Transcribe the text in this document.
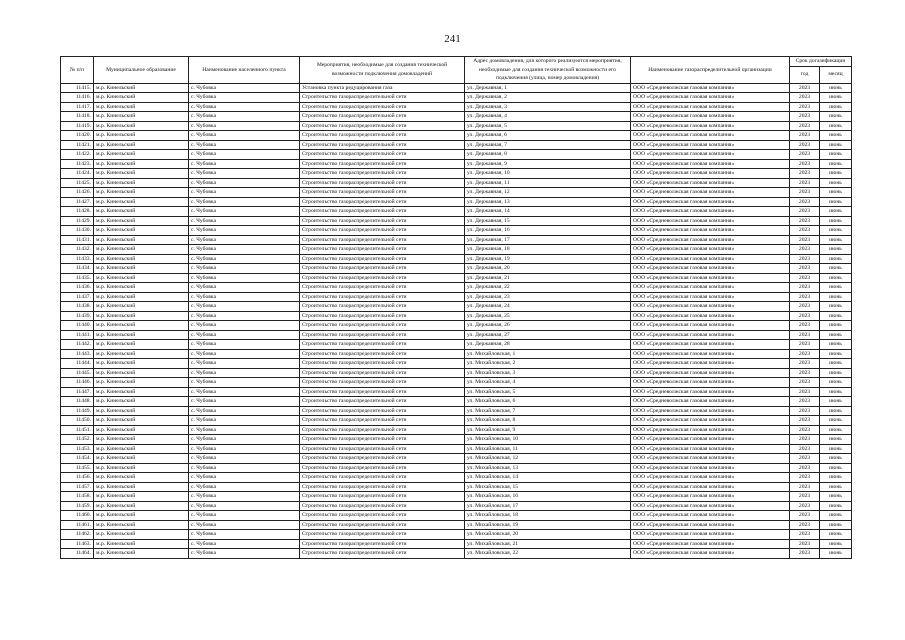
241
№ п/п	Муниципальное образование	Наименование населенного пункта	Мероприятия, необходимые для создания технической возможности подключения домовладений	Адрес домовладения, для которого реализуются мероприятия, необходимые для создания технической возможности его подключения (улица, номер домовладения)	Наименование газораспределительной организации	Срок догазификации	
						год	месяц
11415.	м.р. Кинельский	с. Чубовка	Установка пункта редуцирования газа	ул. Державная, 1	ООО «Средневолжская газовая компания»	2023	июнь
11416.	м.р. Кинельский	с. Чубовка	Строительство газораспределительной сети	ул. Державная, 2	ООО «Средневолжская газовая компания»	2023	июнь
11417.	м.р. Кинельский	с. Чубовка	Строительство газораспределительной сети	ул. Державная, 3	ООО «Средневолжская газовая компания»	2023	июнь
11418.	м.р. Кинельский	с. Чубовка	Строительство газораспределительной сети	ул. Державная, 4	ООО «Средневолжская газовая компания»	2023	июнь
11419.	м.р. Кинельский	с. Чубовка	Строительство газораспределительной сети	ул. Державная, 5	ООО «Средневолжская газовая компания»	2023	июнь
11420.	м.р. Кинельский	с. Чубовка	Строительство газораспределительной сети	ул. Державная, 6	ООО «Средневолжская газовая компания»	2023	июнь
11421.	м.р. Кинельский	с. Чубовка	Строительство газораспределительной сети	ул. Державная, 7	ООО «Средневолжская газовая компания»	2023	июнь
11422.	м.р. Кинельский	с. Чубовка	Строительство газораспределительной сети	ул. Державная, 8	ООО «Средневолжская газовая компания»	2023	июнь
11423.	м.р. Кинельский	с. Чубовка	Строительство газораспределительной сети	ул. Державная, 9	ООО «Средневолжская газовая компания»	2023	июнь
11424.	м.р. Кинельский	с. Чубовка	Строительство газораспределительной сети	ул. Державная, 10	ООО «Средневолжская газовая компания»	2023	июнь
11425.	м.р. Кинельский	с. Чубовка	Строительство газораспределительной сети	ул. Державная, 11	ООО «Средневолжская газовая компания»	2023	июнь
11426.	м.р. Кинельский	с. Чубовка	Строительство газораспределительной сети	ул. Державная, 12	ООО «Средневолжская газовая компания»	2023	июнь
11427.	м.р. Кинельский	с. Чубовка	Строительство газораспределительной сети	ул. Державная, 13	ООО «Средневолжская газовая компания»	2023	июнь
11428.	м.р. Кинельский	с. Чубовка	Строительство газораспределительной сети	ул. Державная, 14	ООО «Средневолжская газовая компания»	2023	июнь
11429.	м.р. Кинельский	с. Чубовка	Строительство газораспределительной сети	ул. Державная, 15	ООО «Средневолжская газовая компания»	2023	июнь
11430.	м.р. Кинельский	с. Чубовка	Строительство газораспределительной сети	ул. Державная, 16	ООО «Средневолжская газовая компания»	2023	июнь
11431.	м.р. Кинельский	с. Чубовка	Строительство газораспределительной сети	ул. Державная, 17	ООО «Средневолжская газовая компания»	2023	июнь
11432.	м.р. Кинельский	с. Чубовка	Строительство газораспределительной сети	ул. Державная, 18	ООО «Средневолжская газовая компания»	2023	июнь
11433.	м.р. Кинельский	с. Чубовка	Строительство газораспределительной сети	ул. Державная, 19	ООО «Средневолжская газовая компания»	2023	июнь
11434.	м.р. Кинельский	с. Чубовка	Строительство газораспределительной сети	ул. Державная, 20	ООО «Средневолжская газовая компания»	2023	июнь
11435.	м.р. Кинельский	с. Чубовка	Строительство газораспределительной сети	ул. Державная, 21	ООО «Средневолжская газовая компания»	2023	июнь
11436.	м.р. Кинельский	с. Чубовка	Строительство газораспределительной сети	ул. Державная, 22	ООО «Средневолжская газовая компания»	2023	июнь
11437.	м.р. Кинельский	с. Чубовка	Строительство газораспределительной сети	ул. Державная, 23	ООО «Средневолжская газовая компания»	2023	июнь
11438.	м.р. Кинельский	с. Чубовка	Строительство газораспределительной сети	ул. Державная, 24	ООО «Средневолжская газовая компания»	2023	июнь
11439.	м.р. Кинельский	с. Чубовка	Строительство газораспределительной сети	ул. Державная, 25	ООО «Средневолжская газовая компания»	2023	июнь
11440.	м.р. Кинельский	с. Чубовка	Строительство газораспределительной сети	ул. Державная, 26	ООО «Средневолжская газовая компания»	2023	июнь
11441.	м.р. Кинельский	с. Чубовка	Строительство газораспределительной сети	ул. Державная, 27	ООО «Средневолжская газовая компания»	2023	июнь
11442.	м.р. Кинельский	с. Чубовка	Строительство газораспределительной сети	ул. Державная, 28	ООО «Средневолжская газовая компания»	2023	июнь
11443.	м.р. Кинельский	с. Чубовка	Строительство газораспределительной сети	ул. Михайловская, 1	ООО «Средневолжская газовая компания»	2023	июнь
11444.	м.р. Кинельский	с. Чубовка	Строительство газораспределительной сети	ул. Михайловская, 2	ООО «Средневолжская газовая компания»	2023	июнь
11445.	м.р. Кинельский	с. Чубовка	Строительство газораспределительной сети	ул. Михайловская, 3	ООО «Средневолжская газовая компания»	2023	июнь
11446.	м.р. Кинельский	с. Чубовка	Строительство газораспределительной сети	ул. Михайловская, 4	ООО «Средневолжская газовая компания»	2023	июнь
11447.	м.р. Кинельский	с. Чубовка	Строительство газораспределительной сети	ул. Михайловская, 5	ООО «Средневолжская газовая компания»	2023	июнь
11448.	м.р. Кинельский	с. Чубовка	Строительство газораспределительной сети	ул. Михайловская, 6	ООО «Средневолжская газовая компания»	2023	июнь
11449.	м.р. Кинельский	с. Чубовка	Строительство газораспределительной сети	ул. Михайловская, 7	ООО «Средневолжская газовая компания»	2023	июнь
11450.	м.р. Кинельский	с. Чубовка	Строительство газораспределительной сети	ул. Михайловская, 8	ООО «Средневолжская газовая компания»	2023	июнь
11451.	м.р. Кинельский	с. Чубовка	Строительство газораспределительной сети	ул. Михайловская, 9	ООО «Средневолжская газовая компания»	2023	июнь
11452.	м.р. Кинельский	с. Чубовка	Строительство газораспределительной сети	ул. Михайловская, 10	ООО «Средневолжская газовая компания»	2023	июнь
11453.	м.р. Кинельский	с. Чубовка	Строительство газораспределительной сети	ул. Михайловская, 11	ООО «Средневолжская газовая компания»	2023	июнь
11454.	м.р. Кинельский	с. Чубовка	Строительство газораспределительной сети	ул. Михайловская, 12	ООО «Средневолжская газовая компания»	2023	июнь
11455.	м.р. Кинельский	с. Чубовка	Строительство газораспределительной сети	ул. Михайловская, 13	ООО «Средневолжская газовая компания»	2023	июнь
11456.	м.р. Кинельский	с. Чубовка	Строительство газораспределительной сети	ул. Михайловская, 14	ООО «Средневолжская газовая компания»	2023	июнь
11457.	м.р. Кинельский	с. Чубовка	Строительство газораспределительной сети	ул. Михайловская, 15	ООО «Средневолжская газовая компания»	2023	июнь
11458.	м.р. Кинельский	с. Чубовка	Строительство газораспределительной сети	ул. Михайловская, 16	ООО «Средневолжская газовая компания»	2023	июнь
11459.	м.р. Кинельский	с. Чубовка	Строительство газораспределительной сети	ул. Михайловская, 17	ООО «Средневолжская газовая компания»	2023	июнь
11460.	м.р. Кинельский	с. Чубовка	Строительство газораспределительной сети	ул. Михайловская, 18	ООО «Средневолжская газовая компания»	2023	июнь
11461.	м.р. Кинельский	с. Чубовка	Строительство газораспределительной сети	ул. Михайловская, 19	ООО «Средневолжская газовая компания»	2023	июнь
11462.	м.р. Кинельский	с. Чубовка	Строительство газораспределительной сети	ул. Михайловская, 20	ООО «Средневолжская газовая компания»	2023	июнь
11463.	м.р. Кинельский	с. Чубовка	Строительство газораспределительной сети	ул. Михайловская, 21	ООО «Средневолжская газовая компания»	2023	июнь
11464.	м.р. Кинельский	с. Чубовка	Строительство газораспределительной сети	ул. Михайловская, 22	ООО «Средневолжская газовая компания»	2023	июнь
